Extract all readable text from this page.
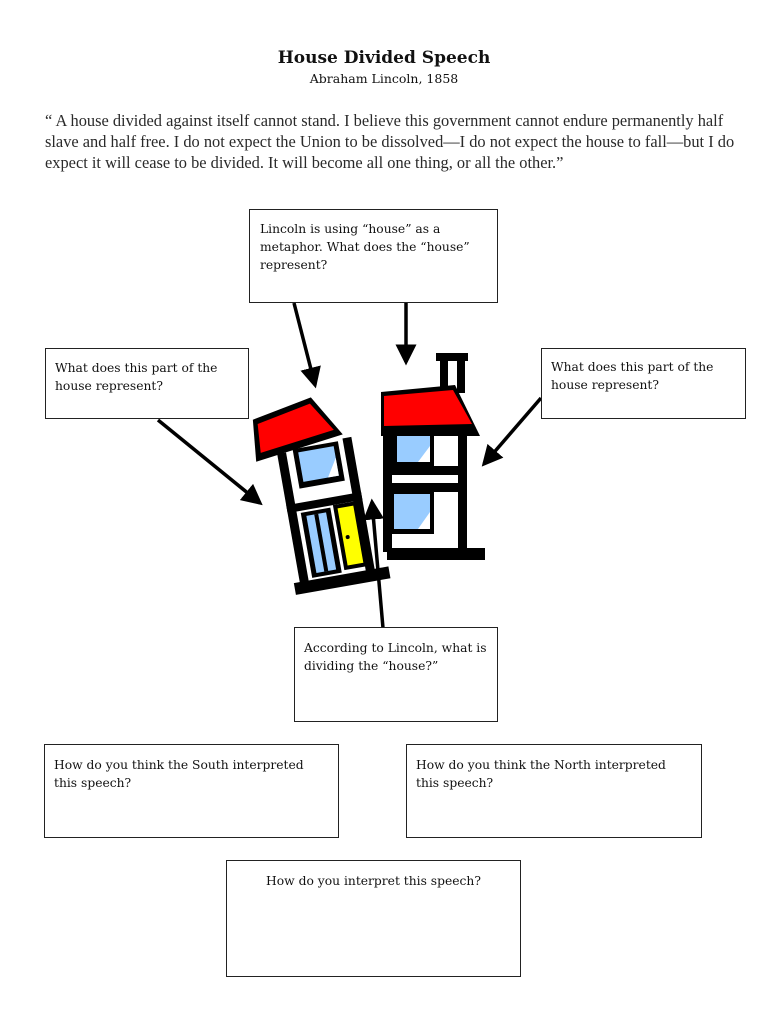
House Divided Speech
Abraham Lincoln, 1858
“ A house divided against itself cannot stand. I believe this government cannot endure permanently half slave and half free. I do not expect the Union to be dissolved—I do not expect the house to fall—but I do expect it will cease to be divided. It will become all one thing, or all the other.”
Lincoln is using “house” as a metaphor. What does the “house” represent?
What does this part of the house represent?
What does this part of the house represent?
According to Lincoln, what is dividing the “house?”
How do you think the South interpreted this speech?
How do you think the North interpreted this speech?
How do you interpret this speech?
